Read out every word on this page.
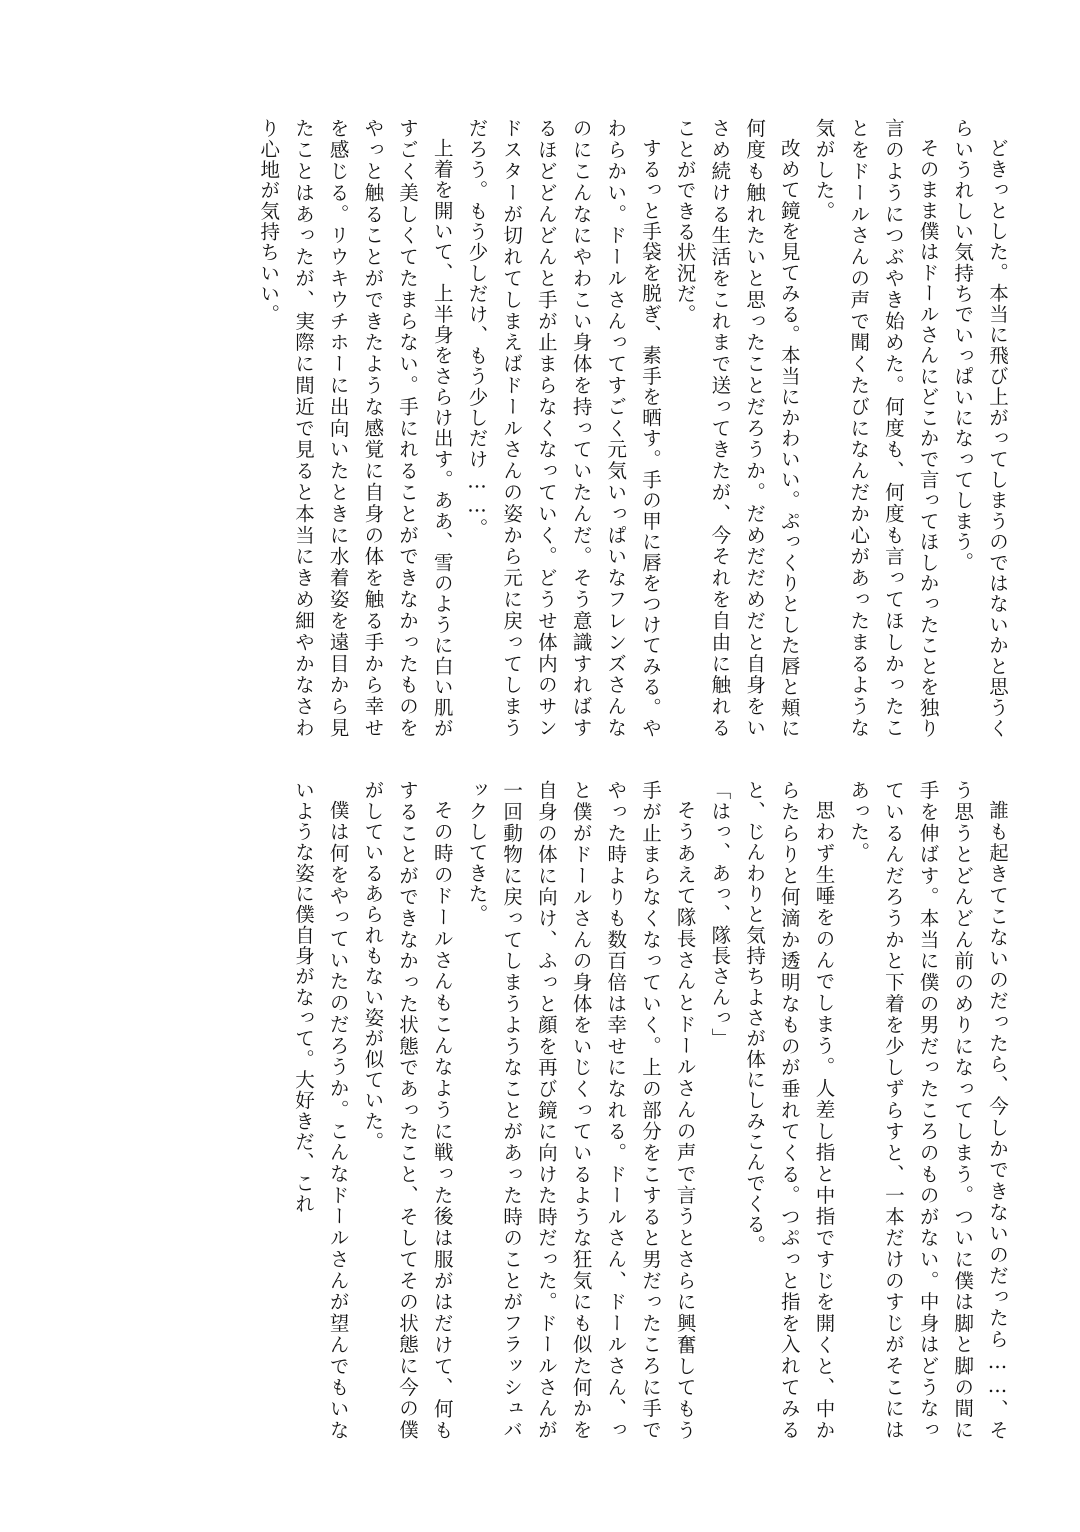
どきっとした。本当に飛び上がってしまうのではないかと思うくらいうれしい気持ちでいっぱいになってしまう。

そのまま僕はドールさんにどこかで言ってほしかったことを独り言のようにつぶやき始めた。何度も、何度も言ってほしかったことをドールさんの声で聞くたびになんだか心があったまるような気がした。

改めて鏡を見てみる。本当にかわいい。ぷっくりとした唇と頬に何度も触れたいと思ったことだろうか。だめだだめだと自身をいさめ続ける生活をこれまで送ってきたが、今それを自由に触れることができる状況だ。

するっと手袋を脱ぎ、素手を晒す。手の甲に唇をつけてみる。やわらかい。ドールさんってすごく元気いっぱいなフレンズさんなのにこんなにやわこい身体を持っていたんだ。そう意識すればするほどどんどんと手が止まらなくなっていく。どうせ体内のサンドスターが切れてしまえばドールさんの姿から元に戻ってしまうだろう。もう少しだけ、もう少しだけ……。

上着を開いて、上半身をさらけ出す。ああ、雪のように白い肌がすごく美しくてたまらない。手にれることができなかったものをやっと触ることができたような感覚に自身の体を触る手から幸せを感じる。リウキウチホーに出向いたときに水着姿を遠目から見たことはあったが、実際に間近で見ると本当にきめ細やかなさわり心地が気持ちいい。

誰も起きてこないのだったら、今しかできないのだったら……、そう思うとどんどん前のめりになってしまう。ついに僕は脚と脚の間に手を伸ばす。本当に僕の男だったころのものがない。中身はどうなっているんだろうかと下着を少しずらすと、一本だけのすじがそこにはあった。

思わず生唾をのんでしまう。人差し指と中指ですじを開くと、中からたらりと何滴か透明なものが垂れてくる。つぷっと指を入れてみると、じんわりと気持ちよさが体にしみこんでくる。

「はっ、あっ、隊長さんっ」

そうあえて隊長さんとドールさんの声で言うとさらに興奮してもう手が止まらなくなっていく。上の部分をこすると男だったころに手でやった時よりも数百倍は幸せになれる。ドールさん、ドールさん、っと僕がドールさんの身体をいじくっているような狂気にも似た何かを自身の体に向け、ふっと顔を再び鏡に向けた時だった。ドールさんが一回動物に戻ってしまうようなことがあった時のことがフラッシュバックしてきた。

その時のドールさんもこんなように戦った後は服がはだけて、何もすることができなかった状態であったこと、そしてその状態に今の僕がしているあられもない姿が似ていた。

僕は何をやっていたのだろうか。こんなドールさんが望んでもいないような姿に僕自身がなって。大好きだ、これ
